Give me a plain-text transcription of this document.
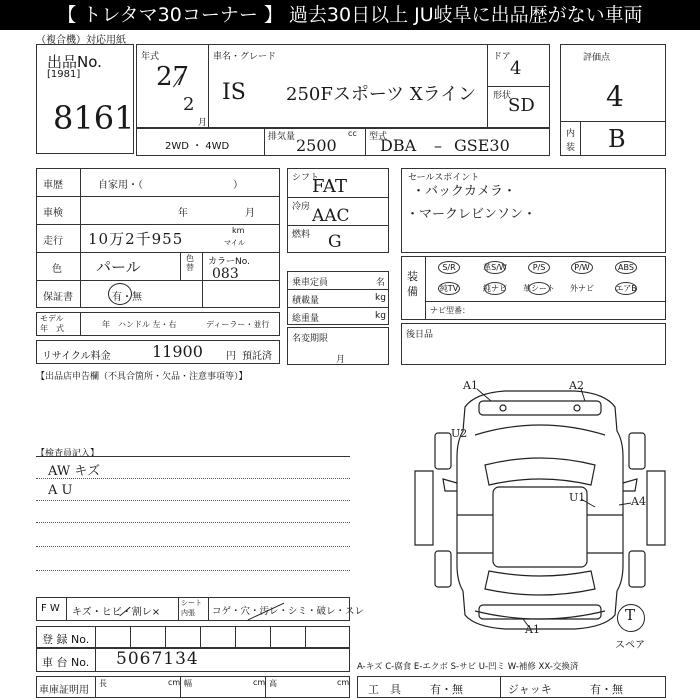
【 トレタマ30コーナー 】 過去30日以上 JU岐阜に出品歴がない車両
（複合機）対応用紙
出品No.
[1981]
8161
年式
27
2
月
車名・グレード
IS 250Fスポーツ Xライン
ドア
4
形状
SD
評価点
4
内
装 B
2WD ・ 4WD
排気量	cc
2500	型式
DBA – GSE30
車歴	自家用・（　　　　　　　　　）
車検	年	月
走行 10万2千955	km
マイル
色 パール	色替
カラーNo.
083
保証書	有・無
モデル
年　式	年 ハンドル 左・右	ディーラー・並行
リサイクル料金	11900 円 預託済
シフト
FAT
冷房 AAC
燃料 G
乗車定員	名
積載量	kg
総重量	kg
名変期限
月
セールスポイント
・バックカメラ・
・マークレビンソン・
装
備
S/R	革S/W	P/S	P/W	ABS
純TV	純ナビ	革シート	外ナビ	エアB
ナビ型番：
後日品
【出品店申告欄（不具合箇所・欠品・注意事項等）】
【検査員記入】
AW キズ
A U
F W キズ・ヒビ・割レ×
シート
内張	コゲ・穴・汚レ・シミ・破レ・スレ
登 録 No.
車 台 No. 5067134
車庫証明用
長	cm 幅	cm 高	cm
A1	A2
U2
U1	A4
A1
T
スペア
A-キズ C-腐食 E-エクボ S-サビ U-凹ミ W-補修 XX-交換済
工　具	有・無	ジャッキ	有・無
